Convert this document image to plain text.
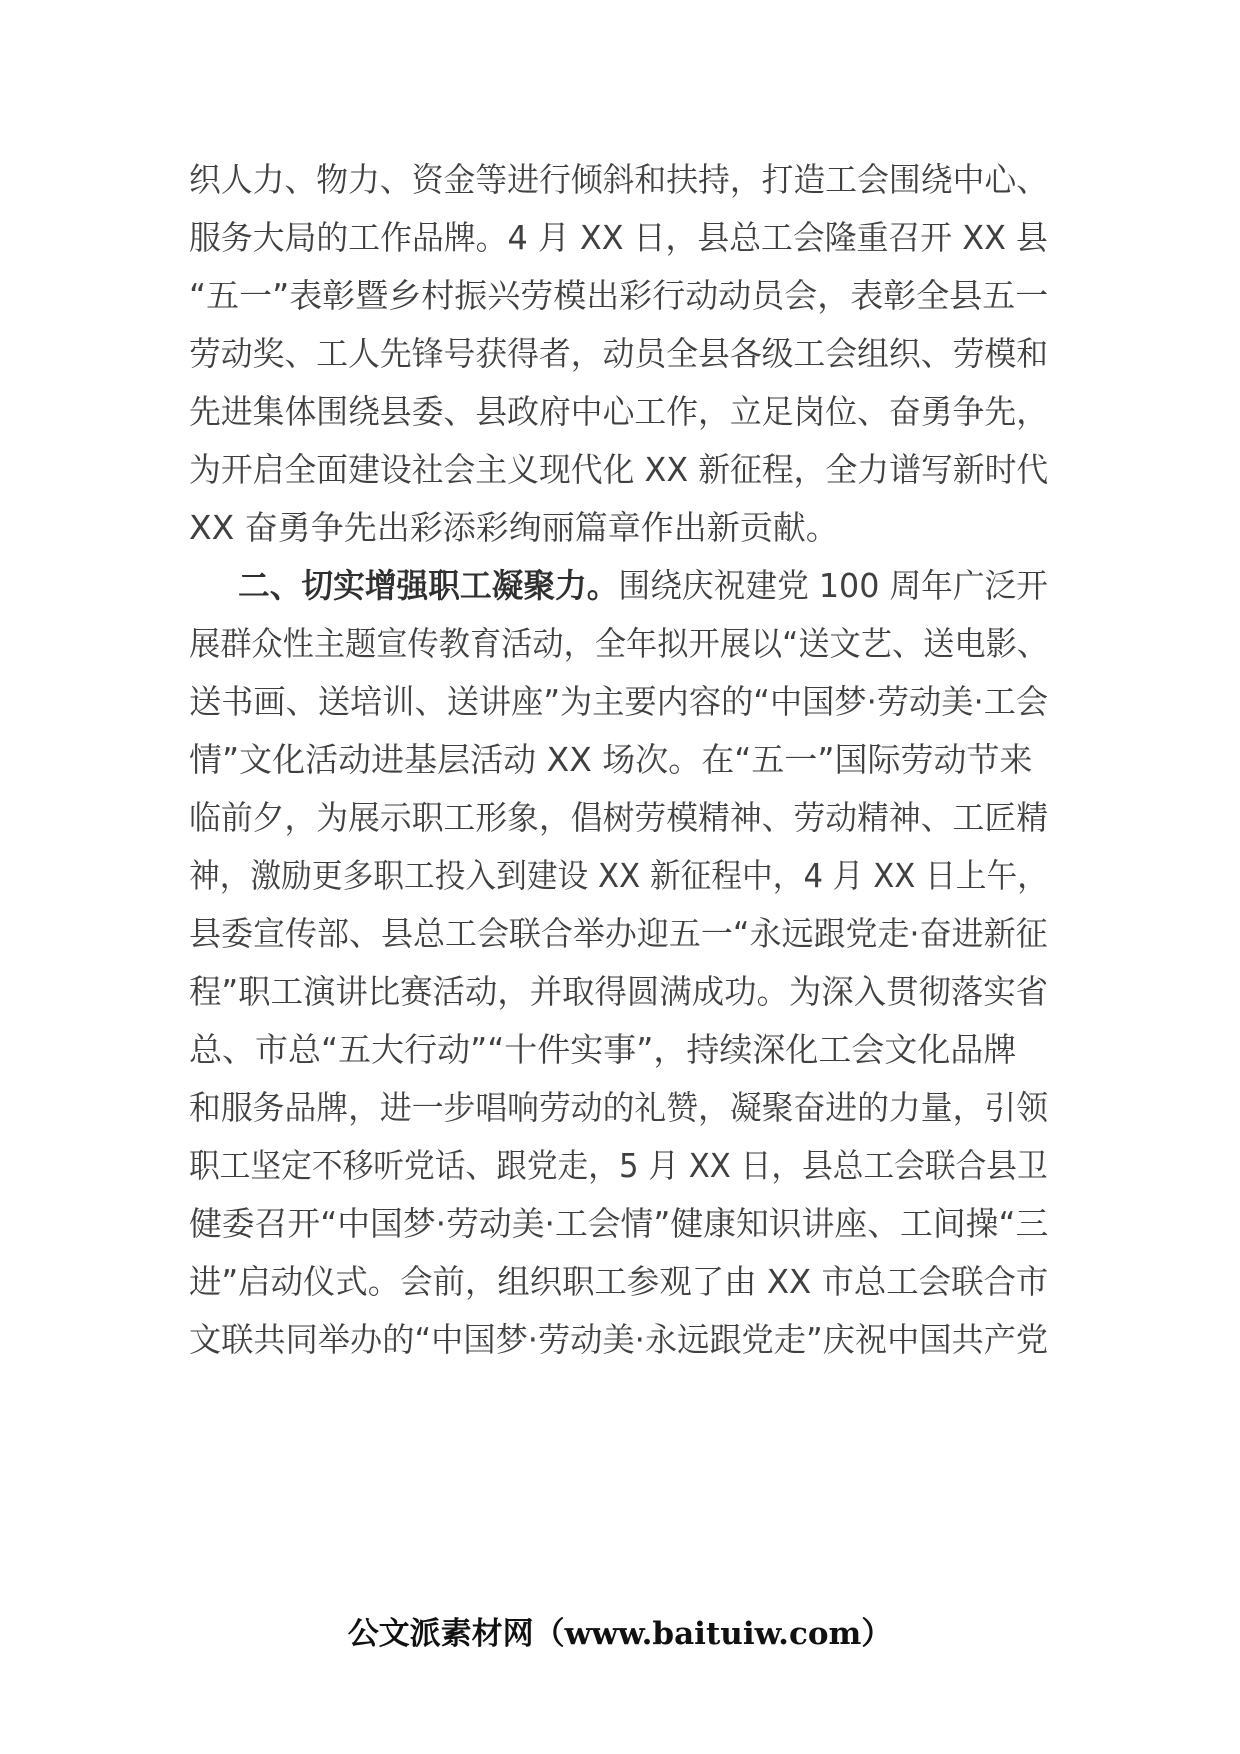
织人力、物力、资金等进行倾斜和扶持，打造工会围绕中心、
服务大局的工作品牌。4 月 XX 日，县总工会隆重召开 XX 县
“五一”表彰暨乡村振兴劳模出彩行动动员会，表彰全县五一
劳动奖、工人先锋号获得者，动员全县各级工会组织、劳模和
先进集体围绕县委、县政府中心工作，立足岗位、奋勇争先，
为开启全面建设社会主义现代化 XX 新征程，全力谱写新时代
XX 奋勇争先出彩添彩绚丽篇章作出新贡献。
二、切实增强职工凝聚力。围绕庆祝建党 100 周年广泛开
展群众性主题宣传教育活动，全年拟开展以“送文艺、送电影、
送书画、送培训、送讲座”为主要内容的“中国梦·劳动美·工会
情”文化活动进基层活动 XX 场次。在“五一”国际劳动节来
临前夕，为展示职工形象，倡树劳模精神、劳动精神、工匠精
神，激励更多职工投入到建设 XX 新征程中，4 月 XX 日上午，
县委宣传部、县总工会联合举办迎五一“永远跟党走·奋进新征
程”职工演讲比赛活动，并取得圆满成功。为深入贯彻落实省
总、市总“五大行动”“十件实事”，持续深化工会文化品牌
和服务品牌，进一步唱响劳动的礼赞，凝聚奋进的力量，引领
职工坚定不移听党话、跟党走，5 月 XX 日，县总工会联合县卫
健委召开“中国梦·劳动美·工会情”健康知识讲座、工间操“三
进”启动仪式。会前，组织职工参观了由 XX 市总工会联合市
文联共同举办的“中国梦·劳动美·永远跟党走”庆祝中国共产党
公文派素材网（www.baituiw.com）
